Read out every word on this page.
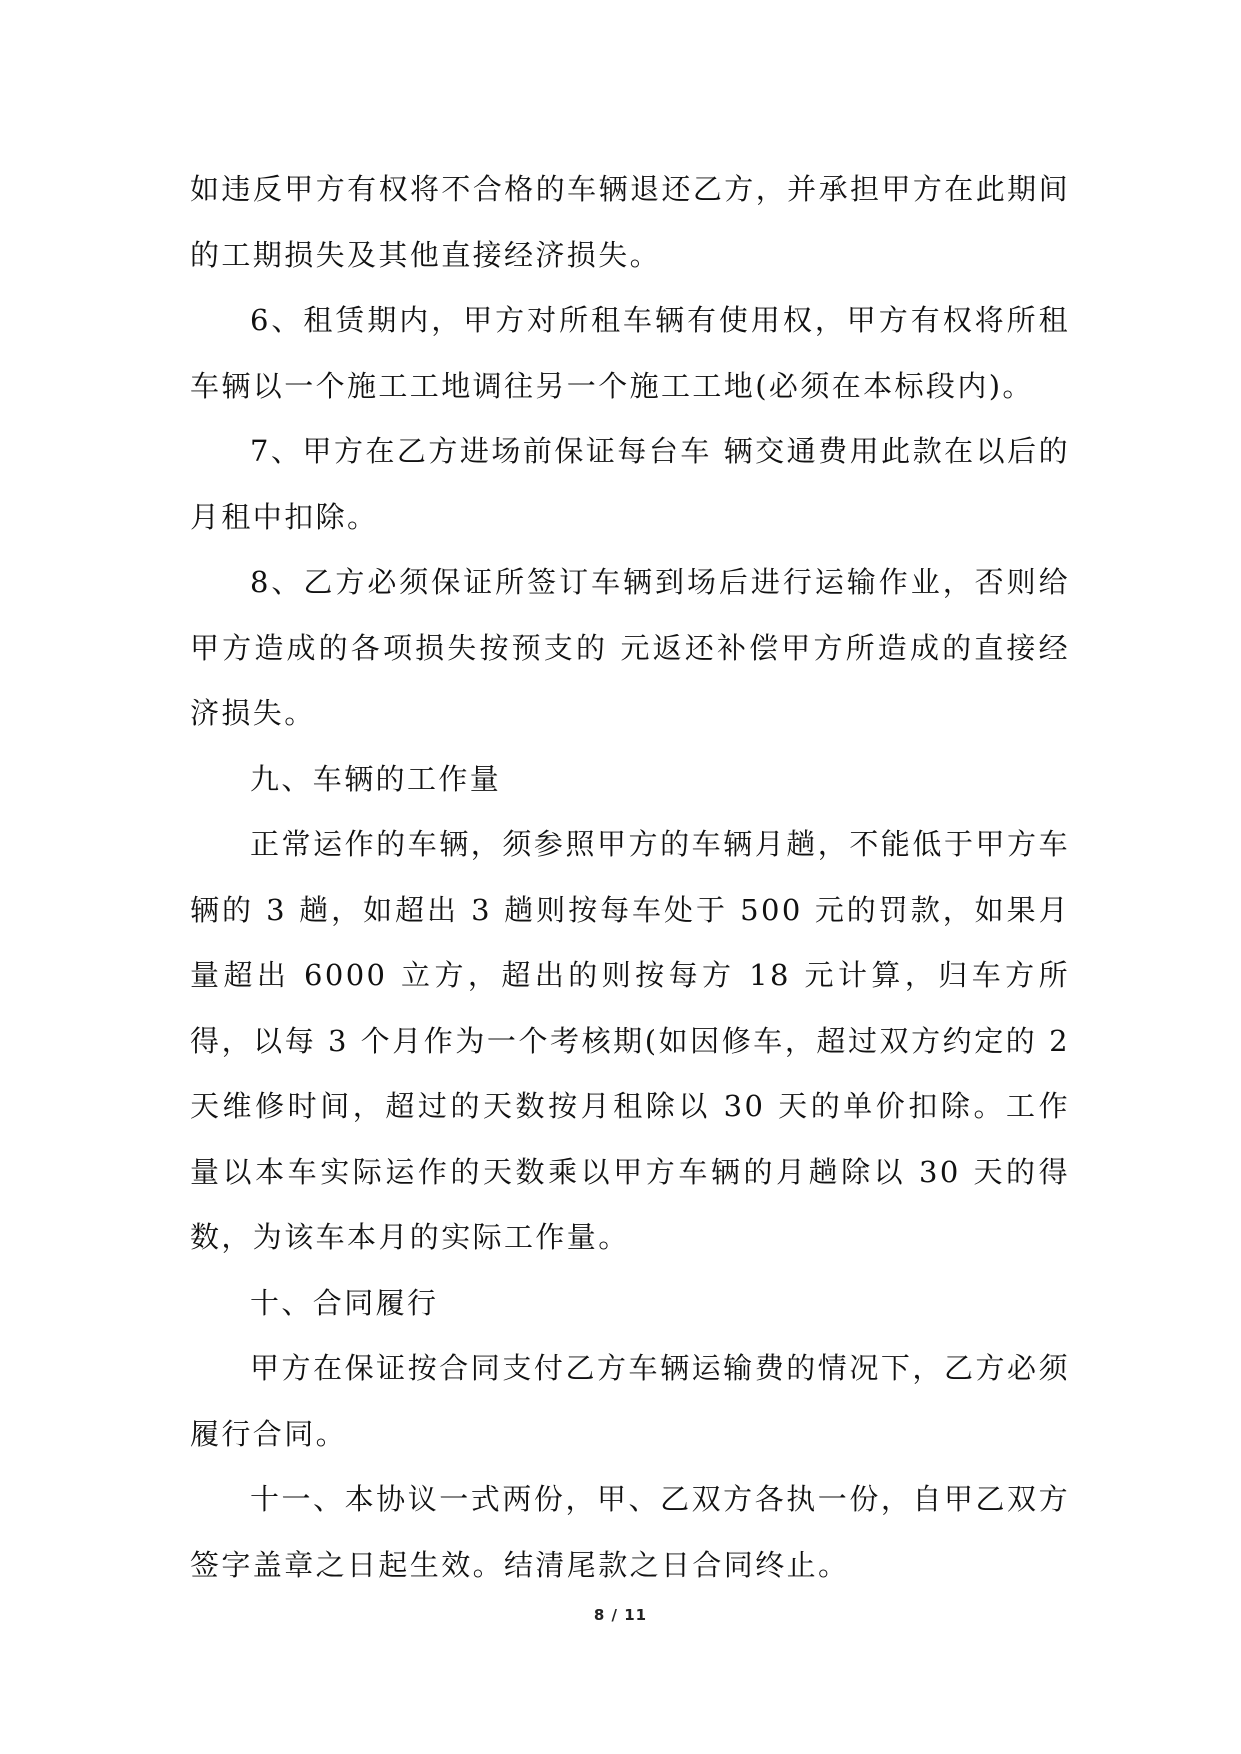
如违反甲方有权将不合格的车辆退还乙方，并承担甲方在此期间的工期损失及其他直接经济损失。

6、租赁期内，甲方对所租车辆有使用权，甲方有权将所租车辆以一个施工工地调往另一个施工工地(必须在本标段内)。

7、甲方在乙方进场前保证每台车 辆交通费用此款在以后的月租中扣除。

8、乙方必须保证所签订车辆到场后进行运输作业，否则给甲方造成的各项损失按预支的 元返还补偿甲方所造成的直接经济损失。

九、车辆的工作量

正常运作的车辆，须参照甲方的车辆月趟，不能低于甲方车辆的 3 趟，如超出 3 趟则按每车处于 500 元的罚款，如果月量超出 6000 立方，超出的则按每方 18 元计算，归车方所得，以每 3 个月作为一个考核期(如因修车，超过双方约定的 2 天维修时间，超过的天数按月租除以 30 天的单价扣除。工作量以本车实际运作的天数乘以甲方车辆的月趟除以 30 天的得数，为该车本月的实际工作量。

十、合同履行

甲方在保证按合同支付乙方车辆运输费的情况下，乙方必须履行合同。

十一、本协议一式两份，甲、乙双方各执一份，自甲乙双方签字盖章之日起生效。结清尾款之日合同终止。

8 / 11
